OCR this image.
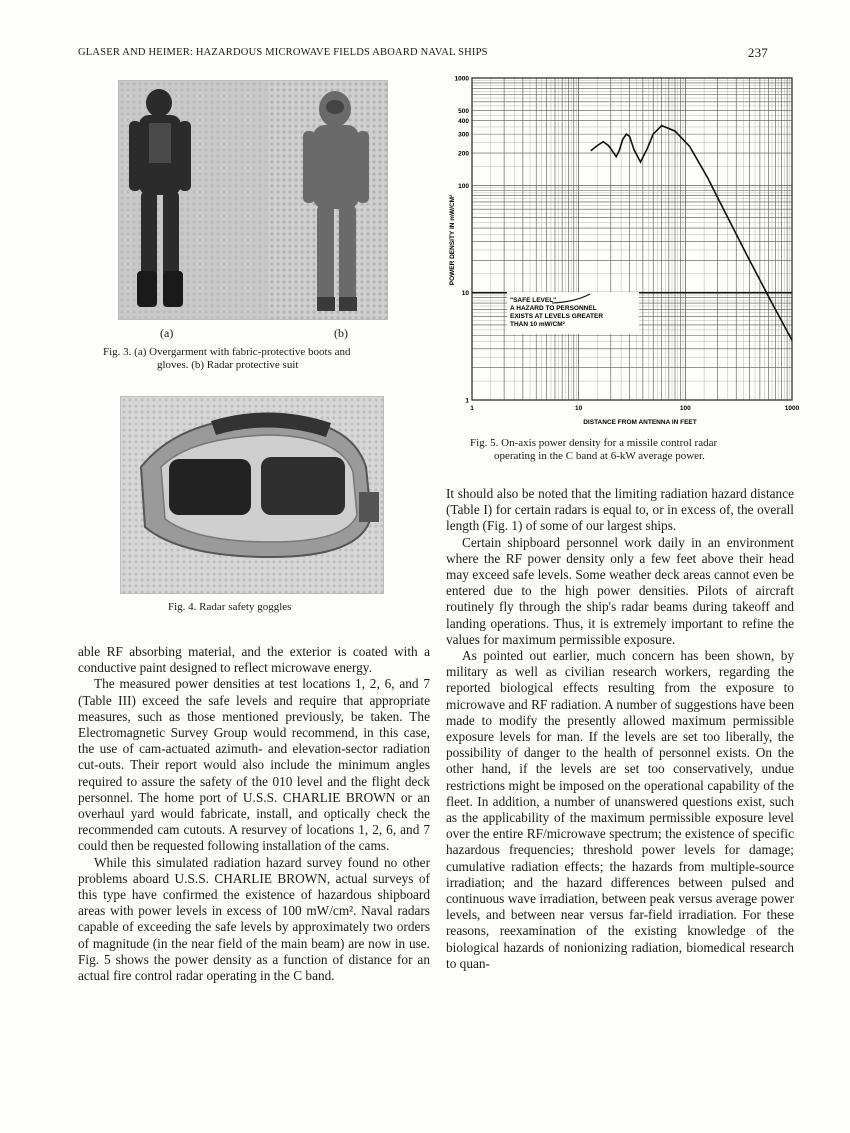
GLASER AND HEIMER: HAZARDOUS MICROWAVE FIELDS ABOARD NAVAL SHIPS	237
(a)	(b)
Fig. 3. (a) Overgarment with fabric-protective boots and
gloves. (b) Radar protective suit
Fig. 4. Radar safety goggles
1
10
100
200
300
400
500
1000
1	10	100	1000
"SAFE LEVEL"
A HAZARD TO PERSONNEL
EXISTS AT LEVELS GREATER
THAN 10 mW/CM²
DISTANCE FROM ANTENNA IN FEET
POWER DENSITY IN mW/CM²
Fig. 5. On-axis power density for a missile control radar
operating in the C band at 6-kW average power.

able RF absorbing material, and the exterior is coated with a conductive paint designed to reflect microwave energy.

The measured power densities at test locations 1, 2, 6, and 7 (Table III) exceed the safe levels and require that appropriate measures, such as those mentioned previously, be taken. The Electromagnetic Survey Group would recommend, in this case, the use of cam-actuated azimuth- and elevation-sector radiation cut-outs. Their report would also include the minimum angles required to assure the safety of the 010 level and the flight deck personnel. The home port of U.S.S. CHARLIE BROWN or an overhaul yard would fabricate, install, and optically check the recommended cam cutouts. A resurvey of locations 1, 2, 6, and 7 could then be requested following installation of the cams.

While this simulated radiation hazard survey found no other problems aboard U.S.S. CHARLIE BROWN, actual surveys of this type have confirmed the existence of hazardous shipboard areas with power levels in excess of 100 mW/cm². Naval radars capable of exceeding the safe levels by approximately two orders of magnitude (in the near field of the main beam) are now in use. Fig. 5 shows the power density as a function of distance for an actual fire control radar operating in the C band.

It should also be noted that the limiting radiation hazard distance (Table I) for certain radars is equal to, or in excess of, the overall length (Fig. 1) of some of our largest ships.

Certain shipboard personnel work daily in an environment where the RF power density only a few feet above their head may exceed safe levels. Some weather deck areas cannot even be entered due to the high power densities. Pilots of aircraft routinely fly through the ship's radar beams during takeoff and landing operations. Thus, it is extremely important to refine the values for maximum permissible exposure.

As pointed out earlier, much concern has been shown, by military as well as civilian research workers, regarding the reported biological effects resulting from the exposure to microwave and RF radiation. A number of suggestions have been made to modify the presently allowed maximum permissible exposure levels for man. If the levels are set too liberally, the possibility of danger to the health of personnel exists. On the other hand, if the levels are set too conservatively, undue restrictions might be imposed on the operational capability of the fleet. In addition, a number of unanswered questions exist, such as the applicability of the maximum permissible exposure level over the entire RF/microwave spectrum; the existence of specific hazardous frequencies; threshold power levels for damage; cumulative radiation effects; the hazards from multiple-source irradiation; and the hazard differences between pulsed and continuous wave irradiation, between peak versus average power levels, and between near versus far-field irradiation. For these reasons, reexamination of the existing knowledge of the biological hazards of nonionizing radiation, biomedical research to quan-
